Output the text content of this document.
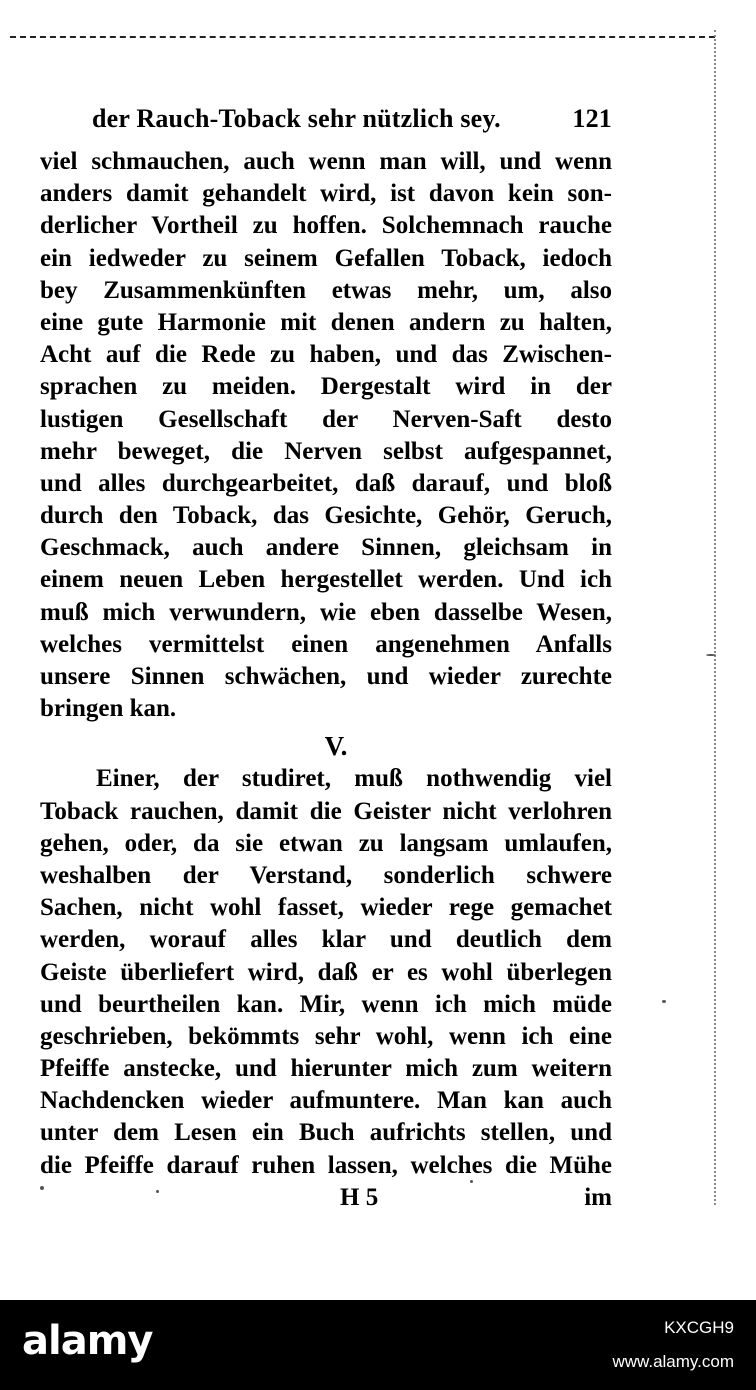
der Rauch-Toback sehr nützlich sey.	121
viel schmauchen, auch wenn man will, und wenn
anders damit gehandelt wird, ist davon kein son-
derlicher Vortheil zu hoffen. Solchemnach rauche
ein iedweder zu seinem Gefallen Toback, iedoch
bey Zusammenkünften etwas mehr, um, also
eine gute Harmonie mit denen andern zu halten,
Acht auf die Rede zu haben, und das Zwischen-
sprachen zu meiden. Dergestalt wird in der
lustigen Gesellschaft der Nerven-Saft desto
mehr beweget, die Nerven selbst aufgespannet,
und alles durchgearbeitet, daß darauf, und bloß
durch den Toback, das Gesichte, Gehör, Geruch,
Geschmack, auch andere Sinnen, gleichsam in
einem neuen Leben hergestellet werden. Und ich
muß mich verwundern, wie eben dasselbe Wesen,
welches vermittelst einen angenehmen Anfalls
unsere Sinnen schwächen, und wieder zurechte
bringen kan.
V.
Einer, der studiret, muß nothwendig viel
Toback rauchen, damit die Geister nicht verlohren
gehen, oder, da sie etwan zu langsam umlaufen,
weshalben der Verstand, sonderlich schwere
Sachen, nicht wohl fasset, wieder rege gemachet
werden, worauf alles klar und deutlich dem
Geiste überliefert wird, daß er es wohl überlegen
und beurtheilen kan. Mir, wenn ich mich müde
geschrieben, bekömmts sehr wohl, wenn ich eine
Pfeiffe anstecke, und hierunter mich zum weitern
Nachdencken wieder aufmuntere. Man kan auch
unter dem Lesen ein Buch aufrichts stellen, und
die Pfeiffe darauf ruhen lassen, welches die Mühe
H 5	im
alamy	KXCGH9
www.alamy.com
